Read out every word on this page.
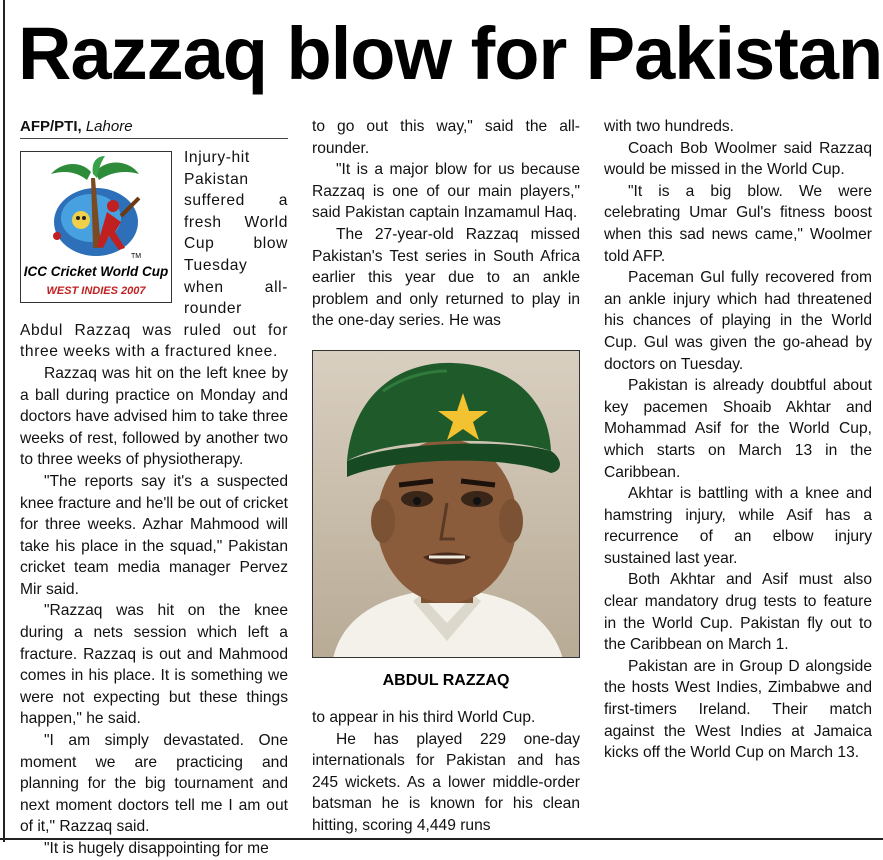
Razzaq blow for Pakistan

AFP/PTI, Lahore

TM
ICC Cricket World Cup
WEST INDIES 2007

Injury-hit Pakistan suffered a fresh World Cup blow Tuesday when all-rounder Abdul Razzaq was ruled out for three weeks with a fractured knee.

Razzaq was hit on the left knee by a ball during practice on Monday and doctors have advised him to take three weeks of rest, followed by another two to three weeks of physiotherapy.

"The reports say it's a suspected knee fracture and he'll be out of cricket for three weeks. Azhar Mahmood will take his place in the squad," Pakistan cricket team media manager Pervez Mir said.

"Razzaq was hit on the knee during a nets session which left a fracture. Razzaq is out and Mahmood comes in his place. It is something we were not expecting but these things happen," he said.

"I am simply devastated. One moment we are practicing and planning for the big tournament and next moment doctors tell me I am out of it," Razzaq said.

"It is hugely disappointing for me

to go out this way," said the all-rounder.

"It is a major blow for us because Razzaq is one of our main players," said Pakistan captain Inzamamul Haq.

The 27-year-old Razzaq missed Pakistan's Test series in South Africa earlier this year due to an ankle problem and only returned to play in the one-day series. He was

ABDUL RAZZAQ

to appear in his third World Cup.

He has played 229 one-day internationals for Pakistan and has 245 wickets. As a lower middle-order batsman he is known for his clean hitting, scoring 4,449 runs

with two hundreds.

Coach Bob Woolmer said Razzaq would be missed in the World Cup.

"It is a big blow. We were celebrating Umar Gul's fitness boost when this sad news came," Woolmer told AFP.

Paceman Gul fully recovered from an ankle injury which had threatened his chances of playing in the World Cup. Gul was given the go-ahead by doctors on Tuesday.

Pakistan is already doubtful about key pacemen Shoaib Akhtar and Mohammad Asif for the World Cup, which starts on March 13 in the Caribbean.

Akhtar is battling with a knee and hamstring injury, while Asif has a recurrence of an elbow injury sustained last year.

Both Akhtar and Asif must also clear mandatory drug tests to feature in the World Cup. Pakistan fly out to the Caribbean on March 1.

Pakistan are in Group D alongside the hosts West Indies, Zimbabwe and first-timers Ireland. Their match against the West Indies at Jamaica kicks off the World Cup on March 13.
